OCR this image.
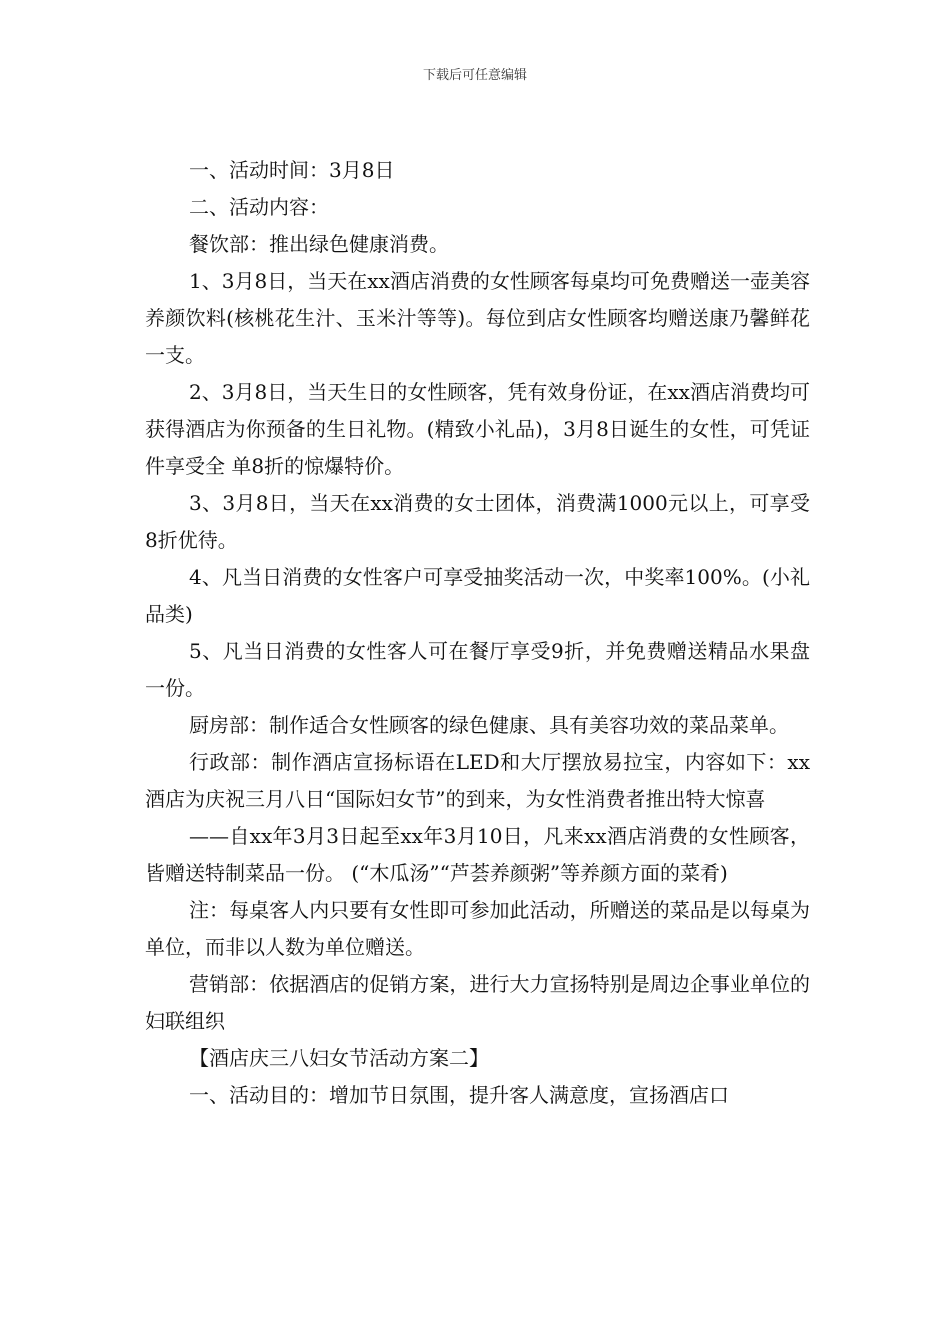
下载后可任意编辑

一、活动时间：3月8日

二、活动内容：

餐饮部：推出绿色健康消费。

1、3月8日，当天在xx酒店消费的女性顾客每桌均可免费赠送一壶美容养颜饮料(核桃花生汁、玉米汁等等)。每位到店女性顾客均赠送康乃馨鲜花一支。

2、3月8日，当天生日的女性顾客，凭有效身份证，在xx酒店消费均可获得酒店为你预备的生日礼物。(精致小礼品)，3月8日诞生的女性，可凭证件享受全 单8折的惊爆特价。

3、3月8日，当天在xx消费的女士团体，消费满1000元以上，可享受8折优待。

4、凡当日消费的女性客户可享受抽奖活动一次，中奖率100%。(小礼品类)

5、凡当日消费的女性客人可在餐厅享受9折，并免费赠送精品水果盘一份。

厨房部：制作适合女性顾客的绿色健康、具有美容功效的菜品菜单。

行政部：制作酒店宣扬标语在LED和大厅摆放易拉宝，内容如下：xx酒店为庆祝三月八日“国际妇女节”的到来，为女性消费者推出特大惊喜

——自xx年3月3日起至xx年3月10日，凡来xx酒店消费的女性顾客，皆赠送特制菜品一份。 (“木瓜汤”“芦荟养颜粥”等养颜方面的菜肴)

注：每桌客人内只要有女性即可参加此活动，所赠送的菜品是以每桌为单位，而非以人数为单位赠送。

营销部：依据酒店的促销方案，进行大力宣扬特别是周边企事业单位的妇联组织

【酒店庆三八妇女节活动方案二】

一、活动目的：增加节日氛围，提升客人满意度，宣扬酒店口
